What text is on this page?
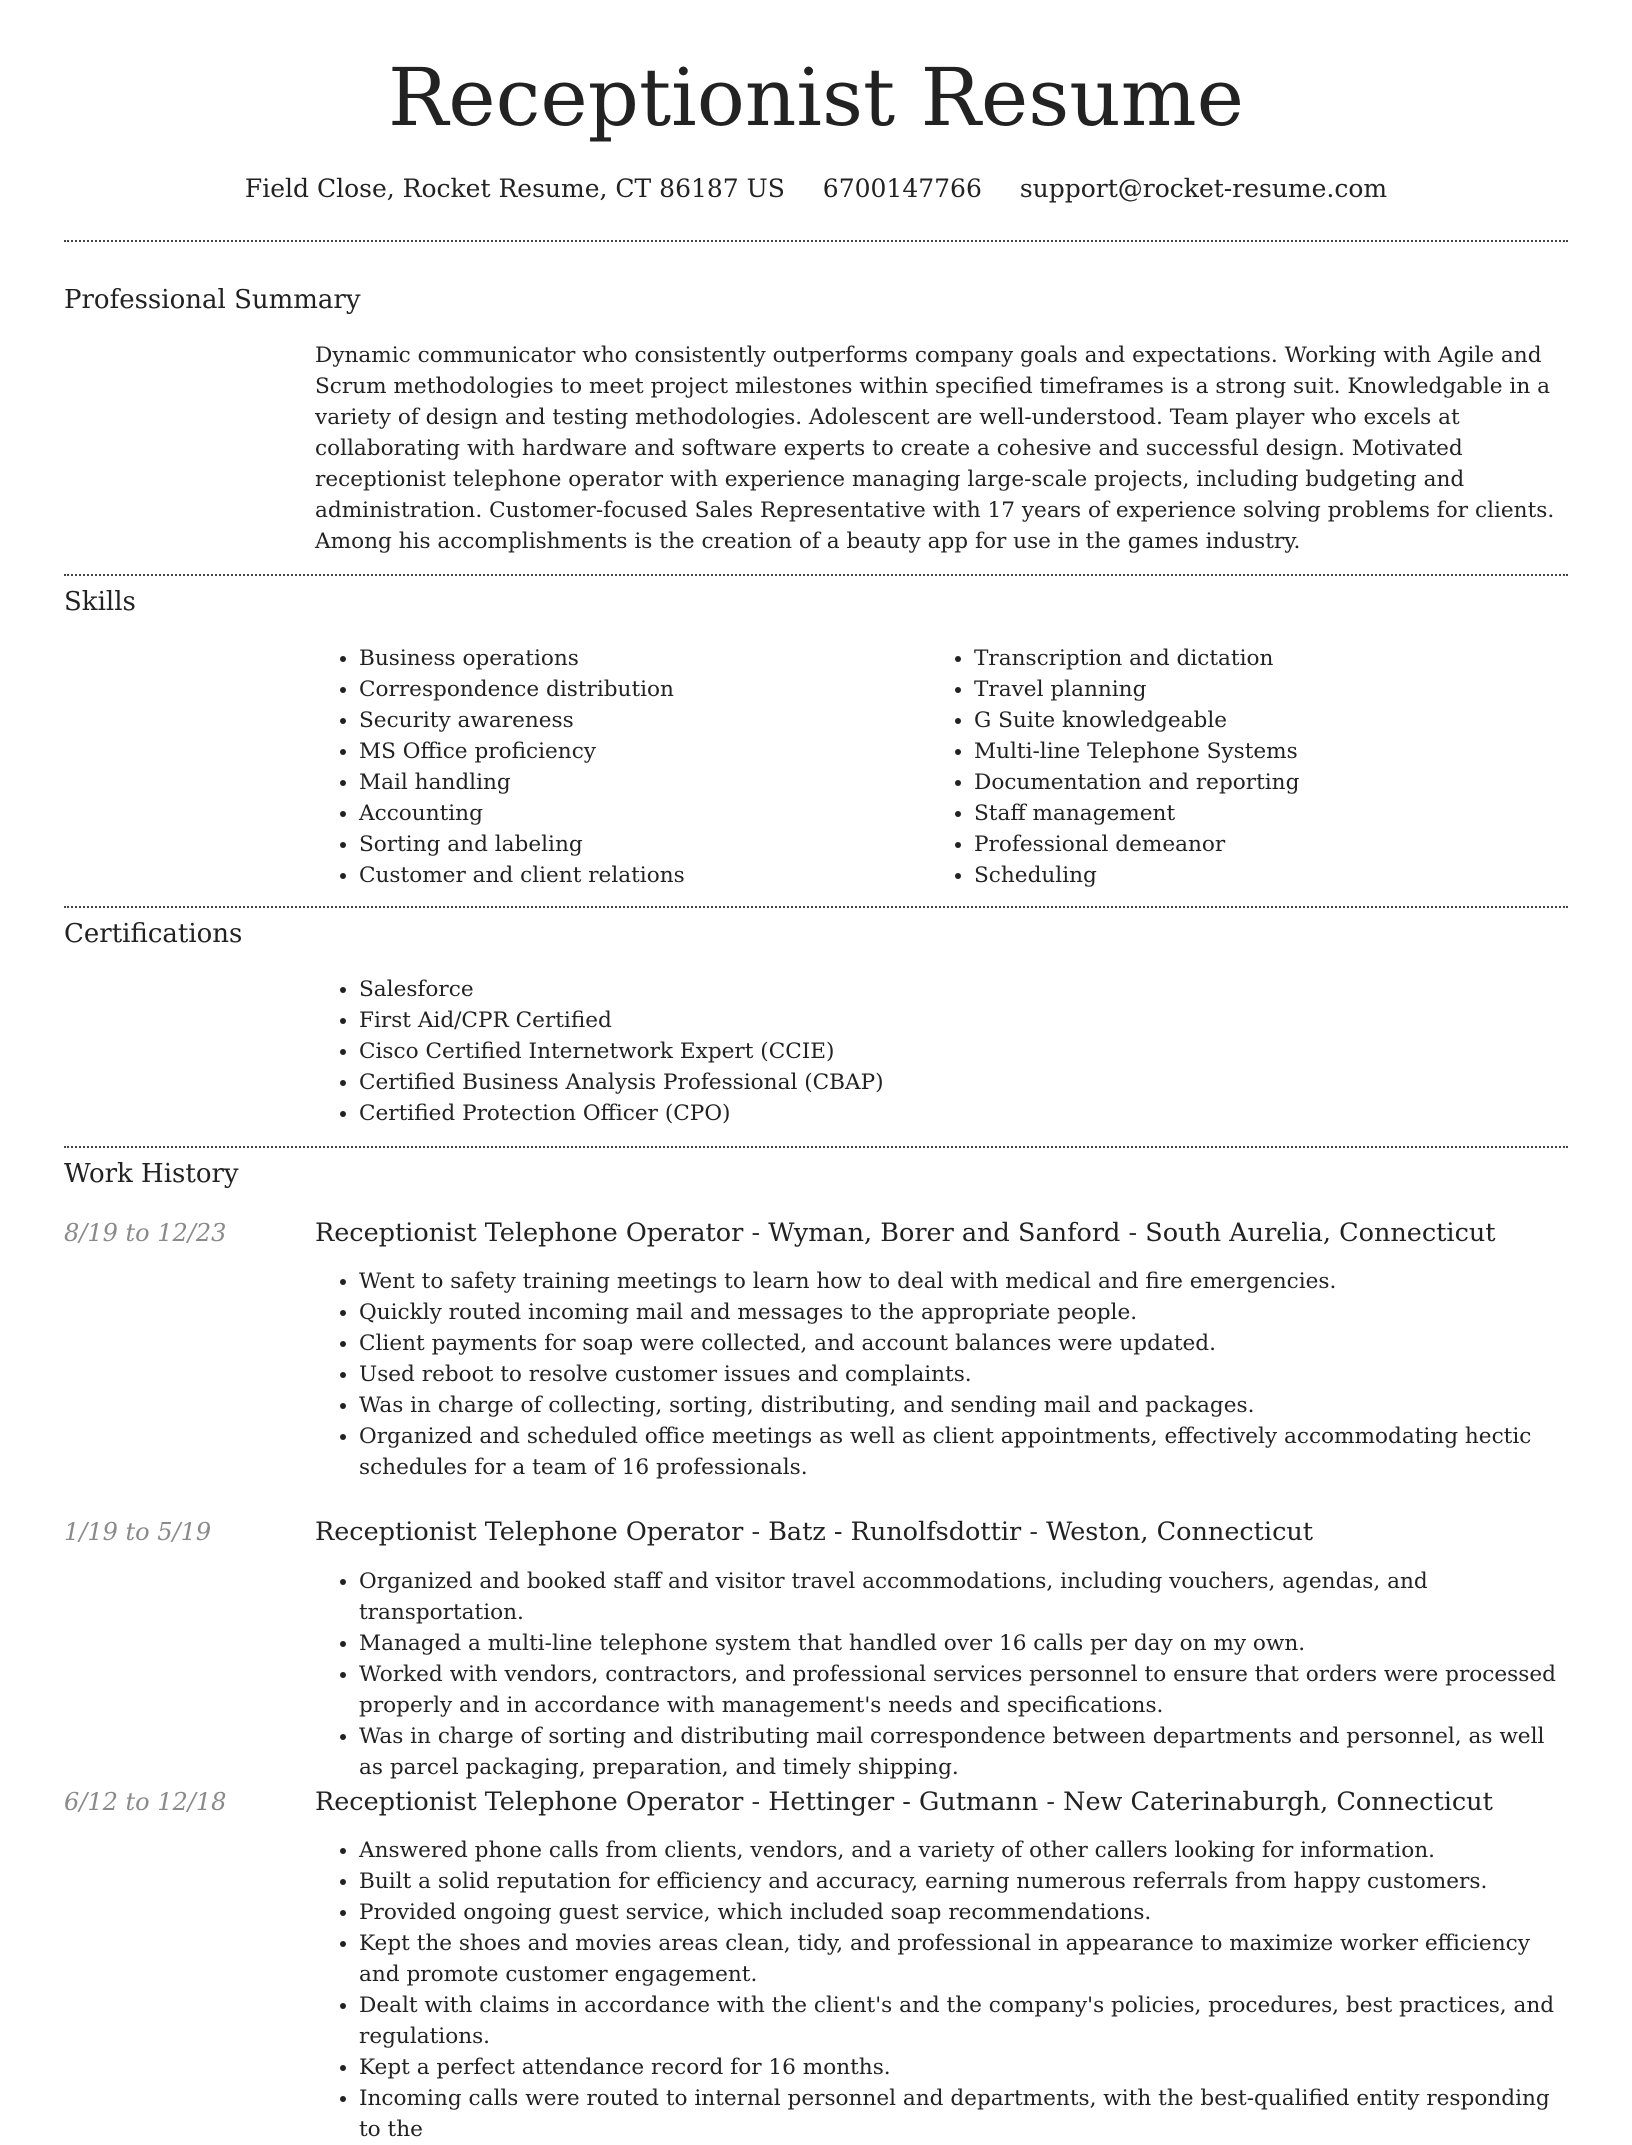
Receptionist Resume
Field Close, Rocket Resume, CT 86187 US 6700147766 support@rocket-resume.com
Professional Summary
Dynamic communicator who consistently outperforms company goals and expectations. Working with Agile and Scrum methodologies to meet project milestones within specified timeframes is a strong suit. Knowledgable in a variety of design and testing methodologies. Adolescent are well-understood. Team player who excels at collaborating with hardware and software experts to create a cohesive and successful design. Motivated receptionist telephone operator with experience managing large-scale projects, including budgeting and administration. Customer-focused Sales Representative with 17 years of experience solving problems for clients. Among his accomplishments is the creation of a beauty app for use in the games industry.
Skills
• Business operations
• Correspondence distribution
• Security awareness
• MS Office proficiency
• Mail handling
• Accounting
• Sorting and labeling
• Customer and client relations
• Transcription and dictation
• Travel planning
• G Suite knowledgeable
• Multi-line Telephone Systems
• Documentation and reporting
• Staff management
• Professional demeanor
• Scheduling
Certifications
• Salesforce
• First Aid/CPR Certified
• Cisco Certified Internetwork Expert (CCIE)
• Certified Business Analysis Professional (CBAP)
• Certified Protection Officer (CPO)
Work History
8/19 to 12/23	Receptionist Telephone Operator - Wyman, Borer and Sanford - South Aurelia, Connecticut
• Went to safety training meetings to learn how to deal with medical and fire emergencies.
• Quickly routed incoming mail and messages to the appropriate people.
• Client payments for soap were collected, and account balances were updated.
• Used reboot to resolve customer issues and complaints.
• Was in charge of collecting, sorting, distributing, and sending mail and packages.
• Organized and scheduled office meetings as well as client appointments, effectively accommodating hectic schedules for a team of 16 professionals.
1/19 to 5/19	Receptionist Telephone Operator - Batz - Runolfsdottir - Weston, Connecticut
• Organized and booked staff and visitor travel accommodations, including vouchers, agendas, and transportation.
• Managed a multi-line telephone system that handled over 16 calls per day on my own.
• Worked with vendors, contractors, and professional services personnel to ensure that orders were processed properly and in accordance with management's needs and specifications.
• Was in charge of sorting and distributing mail correspondence between departments and personnel, as well as parcel packaging, preparation, and timely shipping.
6/12 to 12/18	Receptionist Telephone Operator - Hettinger - Gutmann - New Caterinaburgh, Connecticut
• Answered phone calls from clients, vendors, and a variety of other callers looking for information.
• Built a solid reputation for efficiency and accuracy, earning numerous referrals from happy customers.
• Provided ongoing guest service, which included soap recommendations.
• Kept the shoes and movies areas clean, tidy, and professional in appearance to maximize worker efficiency and promote customer engagement.
• Dealt with claims in accordance with the client's and the company's policies, procedures, best practices, and regulations.
• Kept a perfect attendance record for 16 months.
• Incoming calls were routed to internal personnel and departments, with the best-qualified entity responding to the
